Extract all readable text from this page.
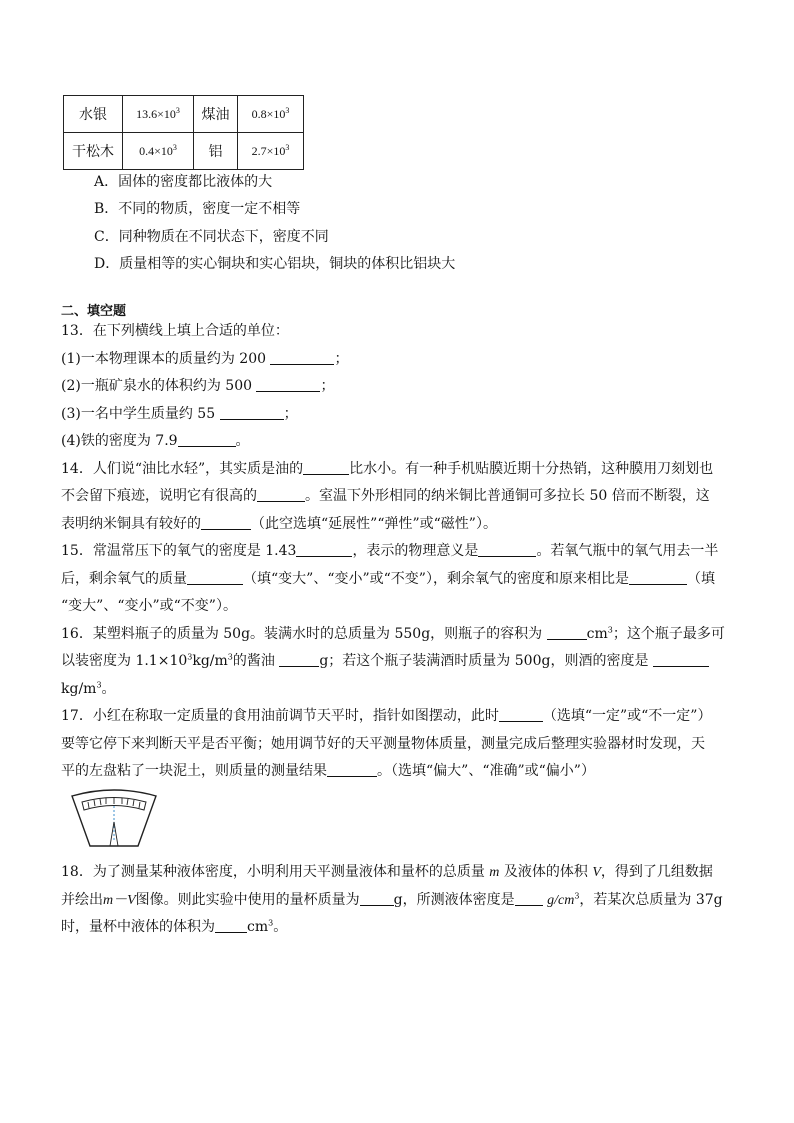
水银	$13.6\times 10^3$	煤油	$0.8\times 10^3$
干松木	$0.4\times 10^3$	铝	$2.7\times 10^3$
A．固体的密度都比液体的大
B．不同的物质，密度一定不相等
C．同种物质在不同状态下，密度不同
D．质量相等的实心铜块和实心铝块，铜块的体积比铝块大
二、填空题
13．在下列横线上填上合适的单位：
(1)一本物理课本的质量约为 200	；
(2)一瓶矿泉水的体积约为 500	；
(3)一名中学生质量约 55	；
(4)铁的密度为 7.9	。
14．人们说“油比水轻”，其实质是油的	比水小。有一种手机贴膜近期十分热销，这种膜用刀刻划也
不会留下痕迹，说明它有很高的	。室温下外形相同的纳米铜比普通铜可多拉长 50 倍而不断裂，这
表明纳米铜具有较好的	（此空选填“延展性”“弹性”或“磁性”）。
15．常温常压下的氧气的密度是 1.43	，表示的物理意义是	。若氧气瓶中的氧气用去一半
后，剩余氧气的质量	（填“变大”、“变小”或“不变”），剩余氧气的密度和原来相比是	（填
“变大”、“变小”或“不变”）。
16．某塑料瓶子的质量为 50g。装满水时的总质量为 550g，则瓶子的容积为	$cm^3$；这个瓶子最多可
以装密度为 $1.1\times 10^3kg/m^3$的酱油	g；若这个瓶子装满酒时质量为 500g，则酒的密度是
$kg/m^3$。
17．小红在称取一定质量的食用油前调节天平时，指针如图摆动，此时	（选填“一定”或“不一定”）
要等它停下来判断天平是否平衡；她用调节好的天平测量物体质量，测量完成后整理实验器材时发现，天
平的左盘粘了一块泥土，则质量的测量结果	。（选填“偏大”、“准确”或“偏小”）
18．为了测量某种液体密度，小明利用天平测量液体和量杯的总质量 m 及液体的体积 V，得到了几组数据
并绘出m－V图像。则此实验中使用的量杯质量为 g，所测液体密度是 $g/cm^3$，若某次总质量为 37g
时，量杯中液体的体积为 $cm^3$。
